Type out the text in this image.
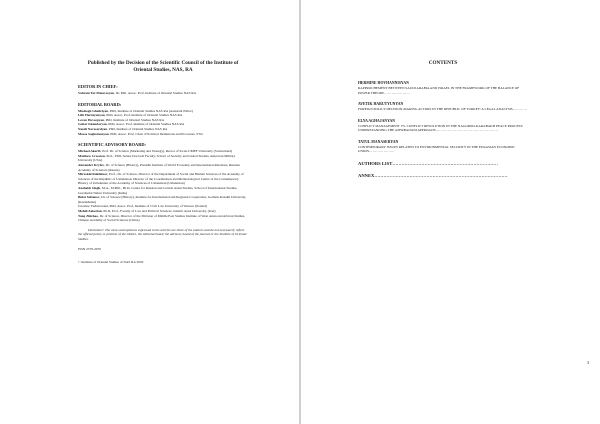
Published by the Decision of the Scientific Council of the Institute of Oriental Studies, NAS, RA
EDITOR IN CHIEF:
Vahram Ter-Matevosyan, Dr. Phil. Assoc. Prof, Institute of Oriental Studies NAS RA
EDITORIAL BOARD:
Mushegh Ghahriyan, PhD, Institute of Oriental Studies NAS RA (Assistant Editor)
Lilit Harutyunyan, PhD, Assoc. Prof, Institute of Oriental Studies NAS RA
Levon Hovsepyan, PhD, Institute of Oriental Studies NAS RA
Gohar Iskandaryan, PhD, Assoc. Prof, Institute of Oriental Studies NAS RA
Nazeli Navasardyan, PhD, Institute of Oriental Studies NAS RA
Mossa Soghomonyan, PhD, Assoc. Prof, Chair of Political Institutions and Processes, YSU
SCIENTIFIC ADVISORY BOARD:
Michael Akerib, Prof. Dr. of Science (Marketing and Strategy), Rector of Swiss UMEF University (Switzerland)
Matthew Crosston, Prof., PhD, Senior Doctoral Faculty, School of Security and Global Studies, American Military University (USA)
Alexander Krylov, Dr. of Science (History), Presidnt Institute of World Economy and International Relations, Russian Academy of Sciences (Russia)
Mirzokid Rakhimov, Prof., Dr. of Science, Director of the Department of Social and Human Sciences of the Academy of Sciences of the Republic of Uzbekistan, Director of the Coordination and Methodological Centre of the Contemporary History of Uzbekistan of the Academy of Sciences of Uzbekistan (Uzbekistan)
Anshabh Singh, M.A., M.Phil., Ph.D, Centre for Russian and Central Asian Studies, School of International Studies, Jawaharlal Nehru University (India)
Bulat Sultanov, Dr. of Science (History), Institute for International and Regional Cooperation, German-Kazakh University, (Kazakhstan)
Jaroslaw Turlukowski, PhD, Assoc. Prof, Institute of Civil Law University of Warsaw (Poland)
Mehdi Zakerian, Ph.D, Prof., Faculty of Law and Political Sciences, Islamic Azad University, (Iran)
Tong Zhichao, Dr. of Science, Director of the Division of Middle East Studies Institute of West Asian and African Studies, Chinese Academy of Social Sciences (China)
Disclaimer: The views and opinions expressed in the articles are those of the authors and do not necessarily reflect the official policy or position of the editors, the editorial board, the advisory board of the journal or the Institute of Oriental Studies.
ISSN 2579-2970
© Institute of Oriental Studies of NAS RA 2020
CONTENTS
HERMINE HOVHANNISYAN
RAPPROCHEMENT BETWEEN SAUDI ARABIA AND ISRAEL IN THE FRAMEWORK OF THE BALANCE OF POWER THEORY…………………
AVETIK HARUTYUNYAN
FOREIGN POLICY DECISION-MAKING ACTORS IN THE REPUBLIC OF TURKEY: A LEGAL ANALYSIS…………
ELYA AGHAJANYAN
CONFLICT MANAGEMENT VS. CONFLICT RESOLUTION IN THE NAGORNO-KARABAKH PEACE PROCESS: UNDERSTANDING THE AZERBAIJANI APPROACH……………………………………………
TATUL MANASERYAN
CONTEMPORARY ISSUES RELATED TO ENVIRONMENTAL SECURITY IN THE EURASIAN ECONOMIC UNION…………………
AUTHORS LIST……………………………………………………………
ANNEX……………………………………………………………………………
3
